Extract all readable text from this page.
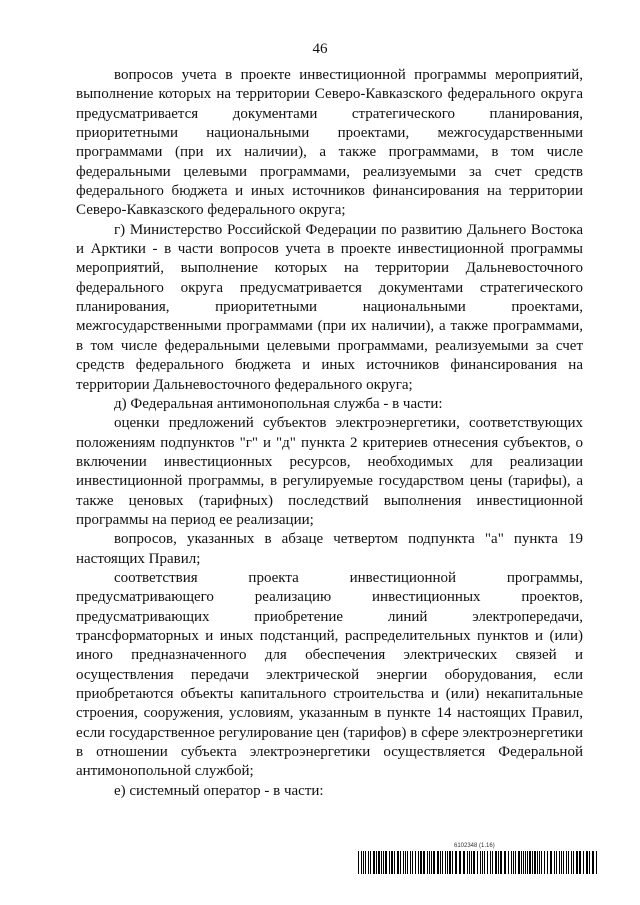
46

вопросов учета в проекте инвестиционной программы мероприятий, выполнение которых на территории Северо-Кавказского федерального округа предусматривается документами стратегического планирования, приоритетными национальными проектами, межгосударственными программами (при их наличии), а также программами, в том числе федеральными целевыми программами, реализуемыми за счет средств федерального бюджета и иных источников финансирования на территории Северо-Кавказского федерального округа;

г) Министерство Российской Федерации по развитию Дальнего Востока и Арктики - в части вопросов учета в проекте инвестиционной программы мероприятий, выполнение которых на территории Дальневосточного федерального округа предусматривается документами стратегического планирования, приоритетными национальными проектами, межгосударственными программами (при их наличии), а также программами, в том числе федеральными целевыми программами, реализуемыми за счет средств федерального бюджета и иных источников финансирования на территории Дальневосточного федерального округа;

д) Федеральная антимонопольная служба - в части:

оценки предложений субъектов электроэнергетики, соответствующих положениям подпунктов "г" и "д" пункта 2 критериев отнесения субъектов, о включении инвестиционных ресурсов, необходимых для реализации инвестиционной программы, в регулируемые государством цены (тарифы), а также ценовых (тарифных) последствий выполнения инвестиционной программы на период ее реализации;

вопросов, указанных в абзаце четвертом подпункта "а" пункта 19 настоящих Правил;

соответствия проекта инвестиционной программы, предусматривающего реализацию инвестиционных проектов, предусматривающих приобретение линий электропередачи, трансформаторных и иных подстанций, распределительных пунктов и (или) иного предназначенного для обеспечения электрических связей и осуществления передачи электрической энергии оборудования, если приобретаются объекты капитального строительства и (или) некапитальные строения, сооружения, условиям, указанным в пункте 14 настоящих Правил, если государственное регулирование цен (тарифов) в сфере электроэнергетики в отношении субъекта электроэнергетики осуществляется Федеральной антимонопольной службой;

е) системный оператор - в части:

6102348 (1.16)
